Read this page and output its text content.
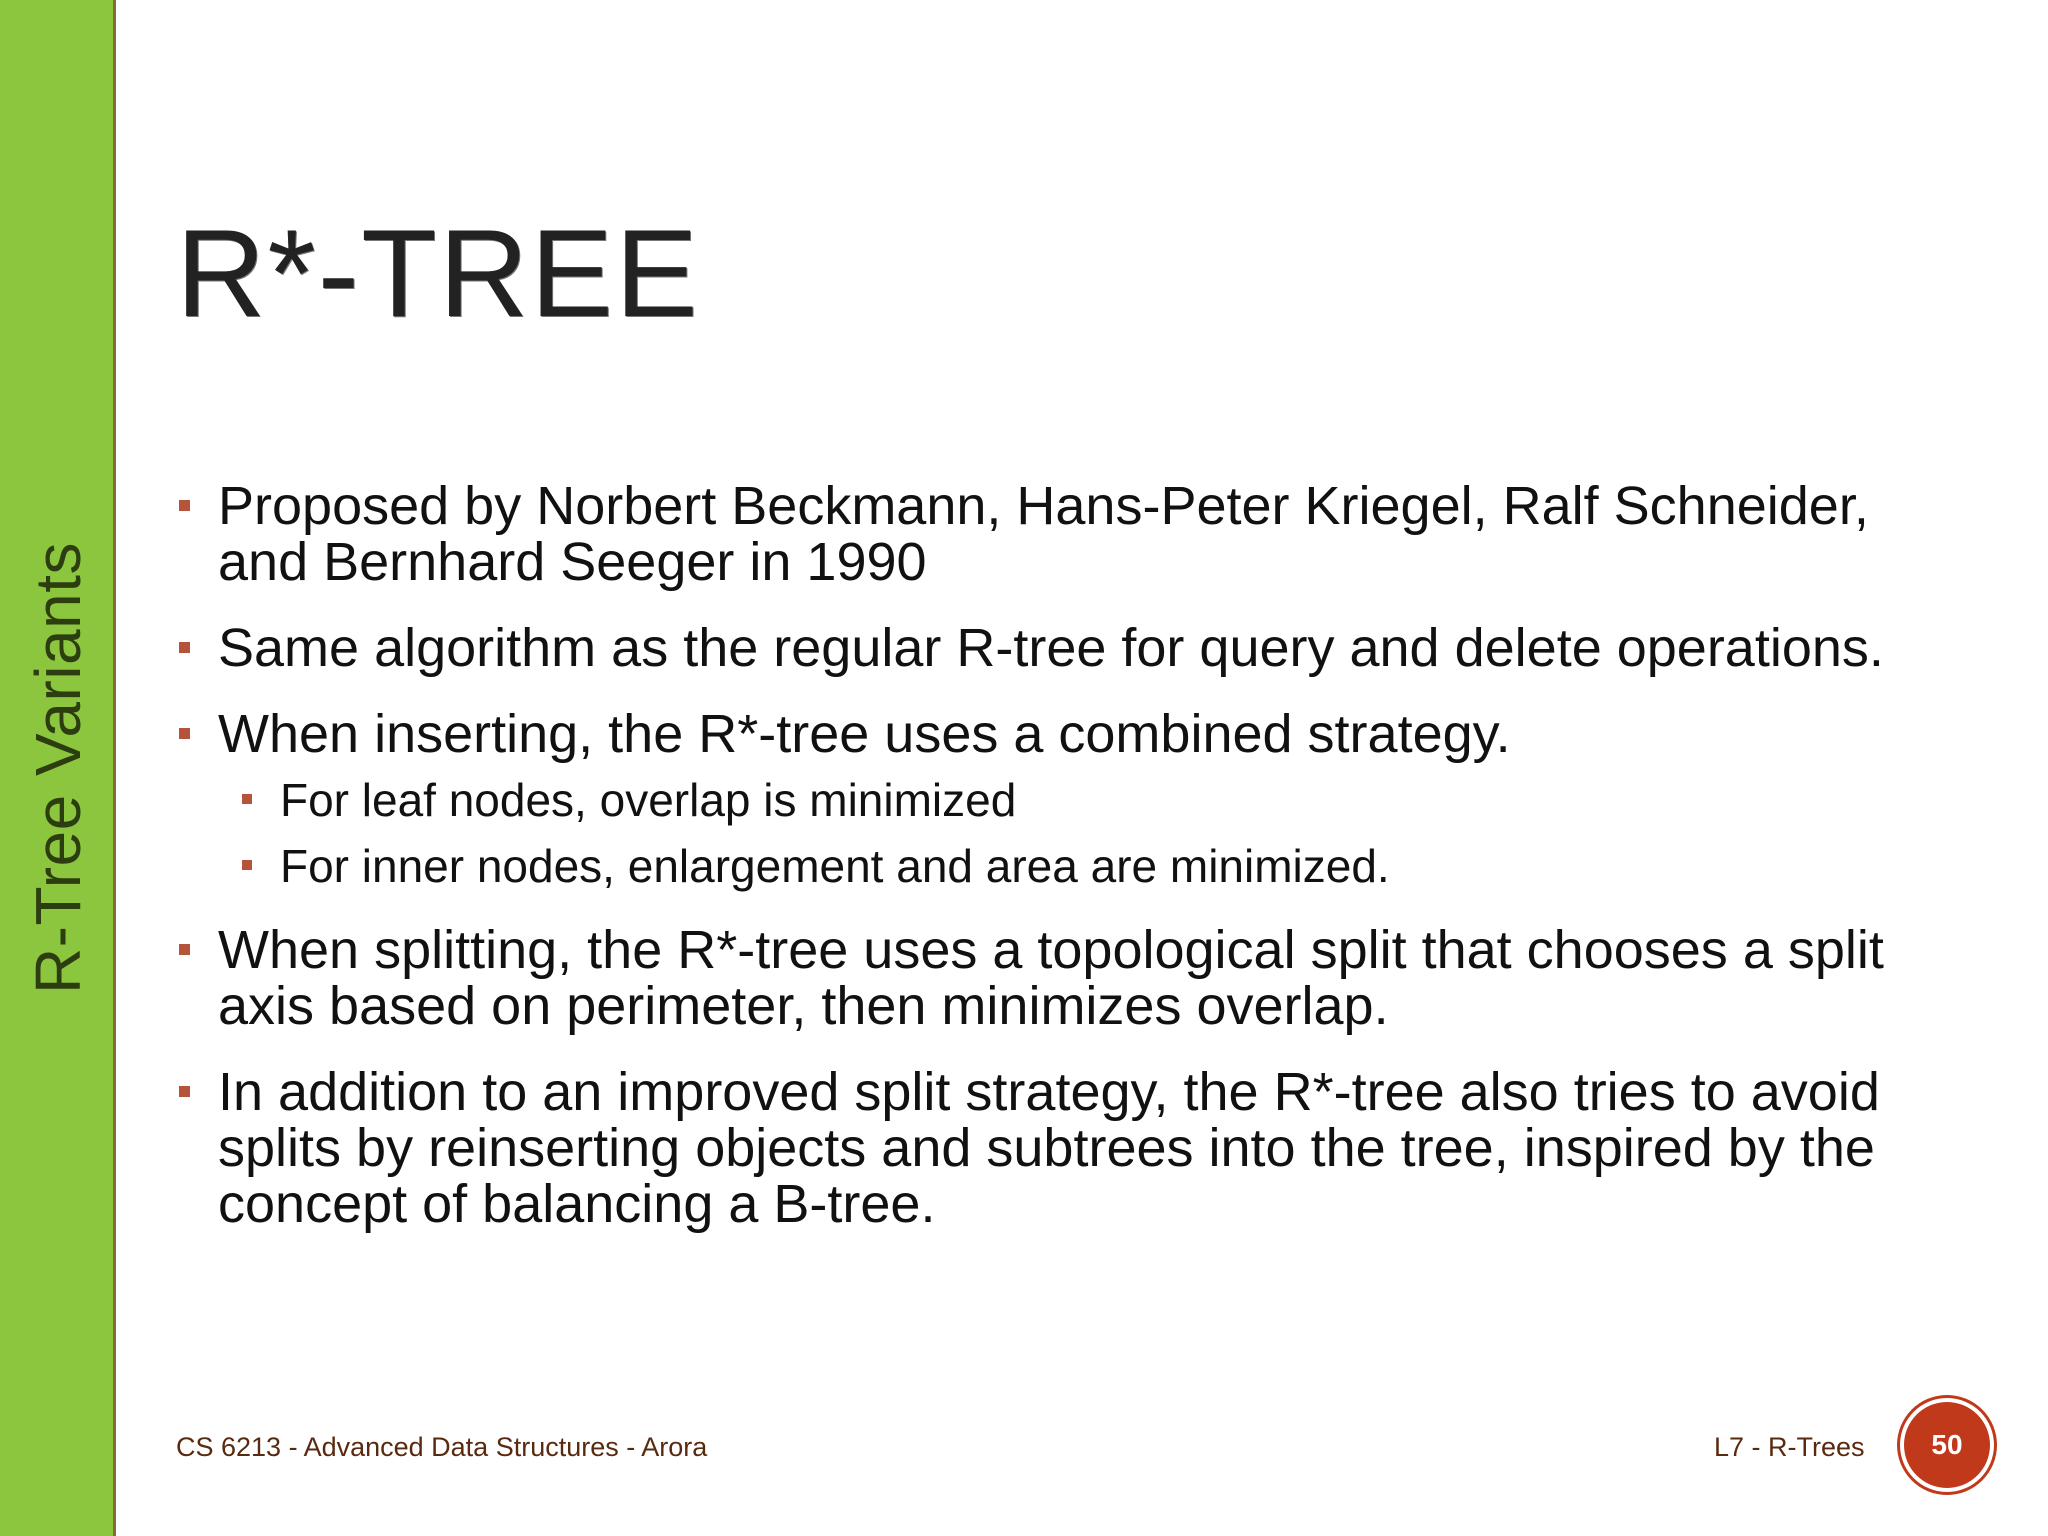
R-Tree Variants
R*-TREE
Proposed by Norbert Beckmann, Hans-Peter Kriegel, Ralf Schneider, and Bernhard Seeger in 1990
Same algorithm as the regular R-tree for query and delete operations.
When inserting, the R*-tree uses a combined strategy.
For leaf nodes, overlap is minimized
For inner nodes, enlargement and area are minimized.
When splitting, the R*-tree uses a topological split that chooses a split axis based on perimeter, then minimizes overlap.
In addition to an improved split strategy, the R*-tree also tries to avoid splits by reinserting objects and subtrees into the tree, inspired by the concept of balancing a B-tree.
CS 6213 - Advanced Data Structures - Arora	L7 - R-Trees 50
